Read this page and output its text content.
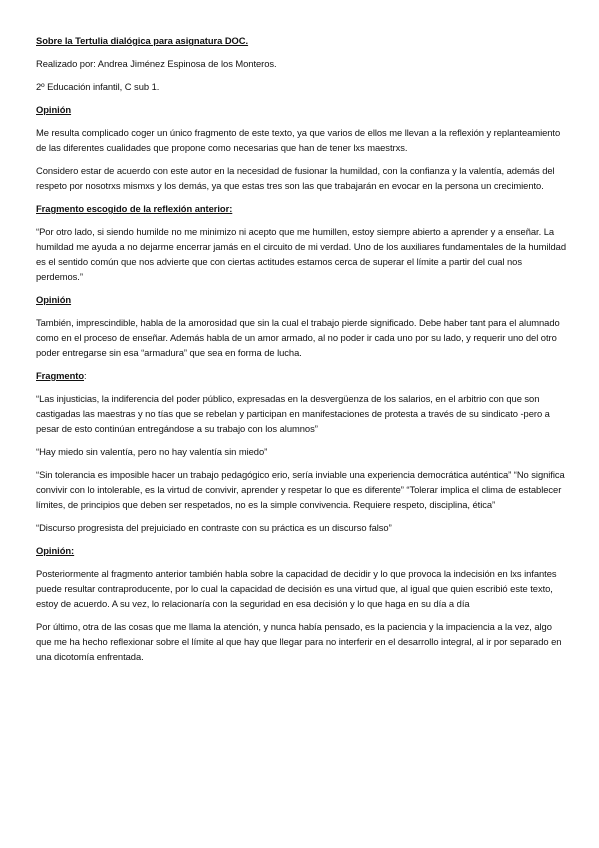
Sobre la Tertulia dialógica para asignatura DOC.
Realizado por: Andrea Jiménez Espinosa de los Monteros.
2º Educación infantil, C sub 1.
Opinión
Me resulta complicado coger un único fragmento de este texto, ya que varios de ellos me llevan a la reflexión y replanteamiento de las diferentes cualidades que propone como necesarias que han de tener lxs maestrxs.
Considero estar de acuerdo con este autor en la necesidad de fusionar la humildad, con la confianza y la valentía, además del respeto por nosotrxs mismxs y los demás, ya que estas tres son las que trabajarán en evocar en la persona un crecimiento.
Fragmento escogido de la reflexión anterior:
“Por otro lado, si siendo humilde no me minimizo ni acepto que me humillen, estoy siempre abierto a aprender y a enseñar. La humildad me ayuda a no dejarme encerrar jamás en el circuito de mi verdad. Uno de los auxiliares fundamentales de la humildad es el sentido común que nos advierte que con ciertas actitudes estamos cerca de superar el límite a partir del cual nos perdemos.”
Opinión
También, imprescindible, habla de la amorosidad que sin la cual el trabajo pierde significado. Debe haber tant para el alumnado como en el proceso de enseñar. Además habla de un amor armado, al no poder ir cada uno por su lado, y requerir uno del otro poder entregarse sin esa “armadura” que sea en forma de lucha.
Fragmento:
“Las injusticias, la indiferencia del poder público, expresadas en la desvergüenza de los salarios, en el arbitrio con que son castigadas las maestras y no tías que se rebelan y participan en manifestaciones de protesta a través de su sindicato -pero a pesar de esto continúan entregándose a su trabajo con los alumnos”
“Hay miedo sin valentía, pero no hay valentía sin miedo”
“Sin tolerancia es imposible hacer un trabajo pedagógico erio, sería inviable una experiencia democrática auténtica” “No significa convivir con lo intolerable, es la virtud de convivir, aprender y respetar lo que es diferente” “Tolerar implica el clima de establecer límites, de principios que deben ser respetados, no es la simple convivencia. Requiere respeto, disciplina, ética”
“Discurso progresista del prejuiciado en contraste con su práctica es un discurso falso”
Opinión:
Posteriormente al fragmento anterior también habla sobre la capacidad de decidir y lo que provoca la indecisión en lxs infantes puede resultar contraproducente, por lo cual la capacidad de decisión es una virtud que, al igual que quien escribió este texto, estoy de acuerdo. A su vez, lo relacionaría con la seguridad en esa decisión y lo que haga en su día a día
Por último, otra de las cosas que me llama la atención, y nunca había pensado, es la paciencia y la impaciencia a la vez, algo que me ha hecho reflexionar sobre el límite al que hay que llegar para no interferir en el desarrollo integral, al ir por separado en una dicotomía enfrentada.
